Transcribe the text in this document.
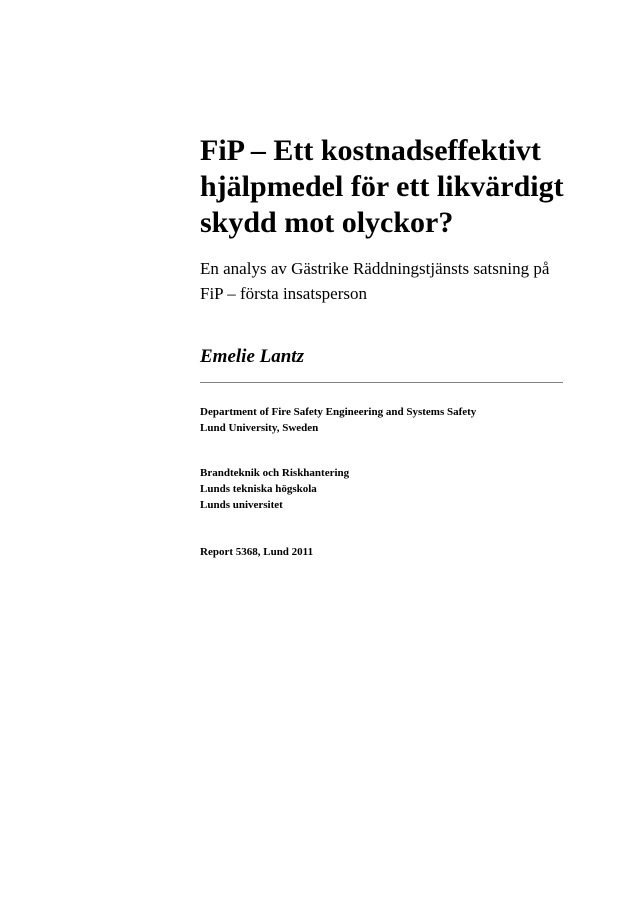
FiP – Ett kostnadseffektivt
hjälpmedel för ett likvärdigt
skydd mot olyckor?
En analys av Gästrike Räddningstjänsts satsning på
FiP – första insatsperson

Emelie Lantz

Department of Fire Safety Engineering and Systems Safety
Lund University, Sweden

Brandteknik och Riskhantering
Lunds tekniska högskola
Lunds universitet

Report 5368, Lund 2011
